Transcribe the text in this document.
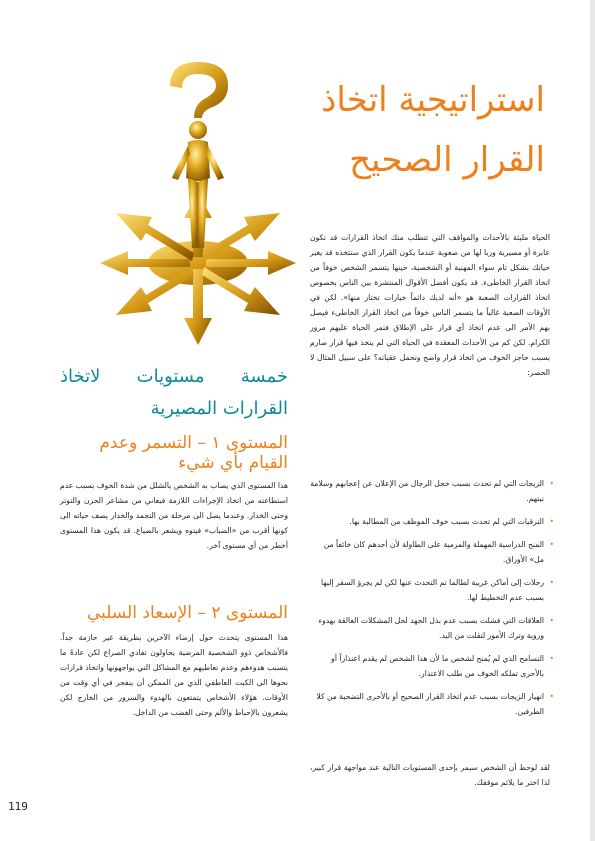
استراتيجية اتخاذ
القرار الصحيح

الحياة مليئة بالأحداث والمواقف التي تتطلب منك اتخاذ القرارات قد تكون عابرة أو مصيرية وربا لها من صعوبة عندما يكون القرار الذي ستتخذه قد يغير حياتك بشكل تام سواء المهنية أو الشخصية، حينها يتسمر الشخص خوفاً من اتخاذ القرار الخاطىء. قد يكون أفضل الأقوال المنتشرة بين الناس بخصوص اتخاذ القرارات الصعبة هو «أنه لديك دائماً خيارات تختار منها». لكن في الأوقات الصعبة غالباً ما يتسمر الناس خوفاً من اتخاذ القرار الخاطىء فيصل بهم الأمر الى عدم اتخاذ أي قرار على الإطلاق فتمر الحياة عليهم مرور الكرام. لكن كم من الأحداث المعقدة في الحياة التي لم يتخذ فيها قرار صارم بسبب حاجز الخوف من اتخاذ قرار واضح وتحمل عقباته؟ على سبيل المثال لا الحصر:

•
الزيجات التي لم تحدث بسبب خجل الرجال من الإعلان عن إعجابهم وسلامة نيتهم.
•
الترقيات التي لم تحدث بسبب خوف الموظف من المطالبة بها.
•
المنح الدراسية المهملة والمرمية على الطاولة لأن أحدهم كان خائفاً من مل» الأوراق.
•
رحلات إلى أماكن غريبة لطالما تم التحدث عنها لكن لم يجرؤ السفر إليها بسبب عدم التخطيط لها.
•
العلاقات التي فشلت بسبب عدم بذل الجهد لحل المشكلات العالقة بهدوء وروية وترك الأمور لتقلت من اليد.
•
التسامح الذي لم يُمنح لشخص ما لأن هذا الشخص لم يقدم اعتذاراً أو بالأحرى تملكه الخوف من طلب الاعتذار.
•
انهيار الزيجات بسبب عدم اتخاذ القرار الصحيح أو بالأحرى التضحية من كلا الطرفين.

لقد لوحظ أن الشخص سيمر بإحدى المستويات التالية عند مواجهة قرار كبير، لذا اختر ما يلائم موقفك.

خمسة مستويات لاتخاذ
القرارات المصيرية
المستوى ١ – التسمر وعدم القيام بأي شيء

هذا المستوى الذي يصاب به الشخص بالشلل من شدة الخوف بسبب عدم استطاعته من اتخاذ الإجراءات اللازمة فيعاني من مشاعر الحزن والتوتر وحتى الخدار. وعندما يصل الى مرحلة من التجمد والخدار يصف حياته الى كونها أقرب من «الضباب» فيتوه ويشعر بالضياع. قد يكون هذا المستوى أخطر من أي مستوى آخر.

المستوى ٢ – الإسعاد السلبي

هذا المستوى يتحدث حول إرضاء الآخرين بطريقة غير حازمة جداً. فالأشخاص ذوو الشخصية المرضية يحاولون تفادي الصراع لكن عادةً ما يتسبب هدوءهم وعدم تعاطيهم مع المشاكل التي يواجهونها واتخاذ قرارات نحوها الى الكبت العاطفي الذي من الممكن أن ينفجر في أي وقت من الأوقات. هؤلاء الأشخاص يتمتعون بالهدوء والسرور من الخارج لكن يشعرون بالإحباط والألم وحتى الغضب من الداخل.

119
